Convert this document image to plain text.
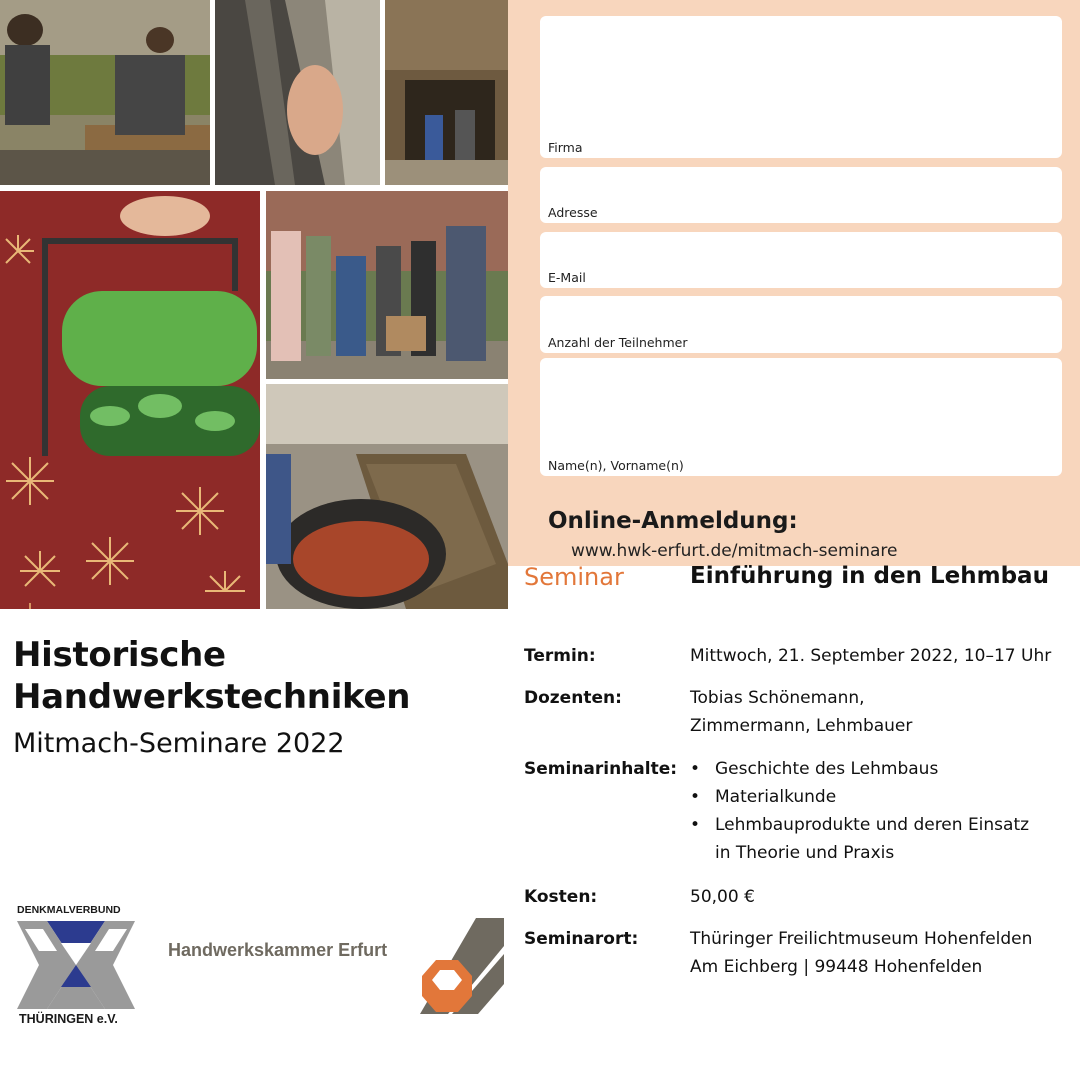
Firma
Adresse
E-Mail
Anzahl der Teilnehmer
Name(n), Vorname(n)
Online-Anmeldung:
www.hwk-erfurt.de/mitmach-seminare
Historische
Handwerkstechniken
Mitmach-Seminare 2022
DENKMALVERBUND
THÜRINGEN e.V.
Handwerkskammer Erfurt
Seminar	Einführung in den Lehmbau
Termin:	Mittwoch, 21. September 2022, 10–17 Uhr
Dozenten:	Tobias Schönemann,
Zimmermann, Lehmbauer
Seminarinhalte:
•	Geschichte des Lehmbaus
• Materialkunde
• Lehmbauprodukte und deren Einsatz
in Theorie und Praxis
Kosten:	50,00 €
Seminarort:	Thüringer Freilichtmuseum Hohenfelden
Am Eichberg | 99448 Hohenfelden
